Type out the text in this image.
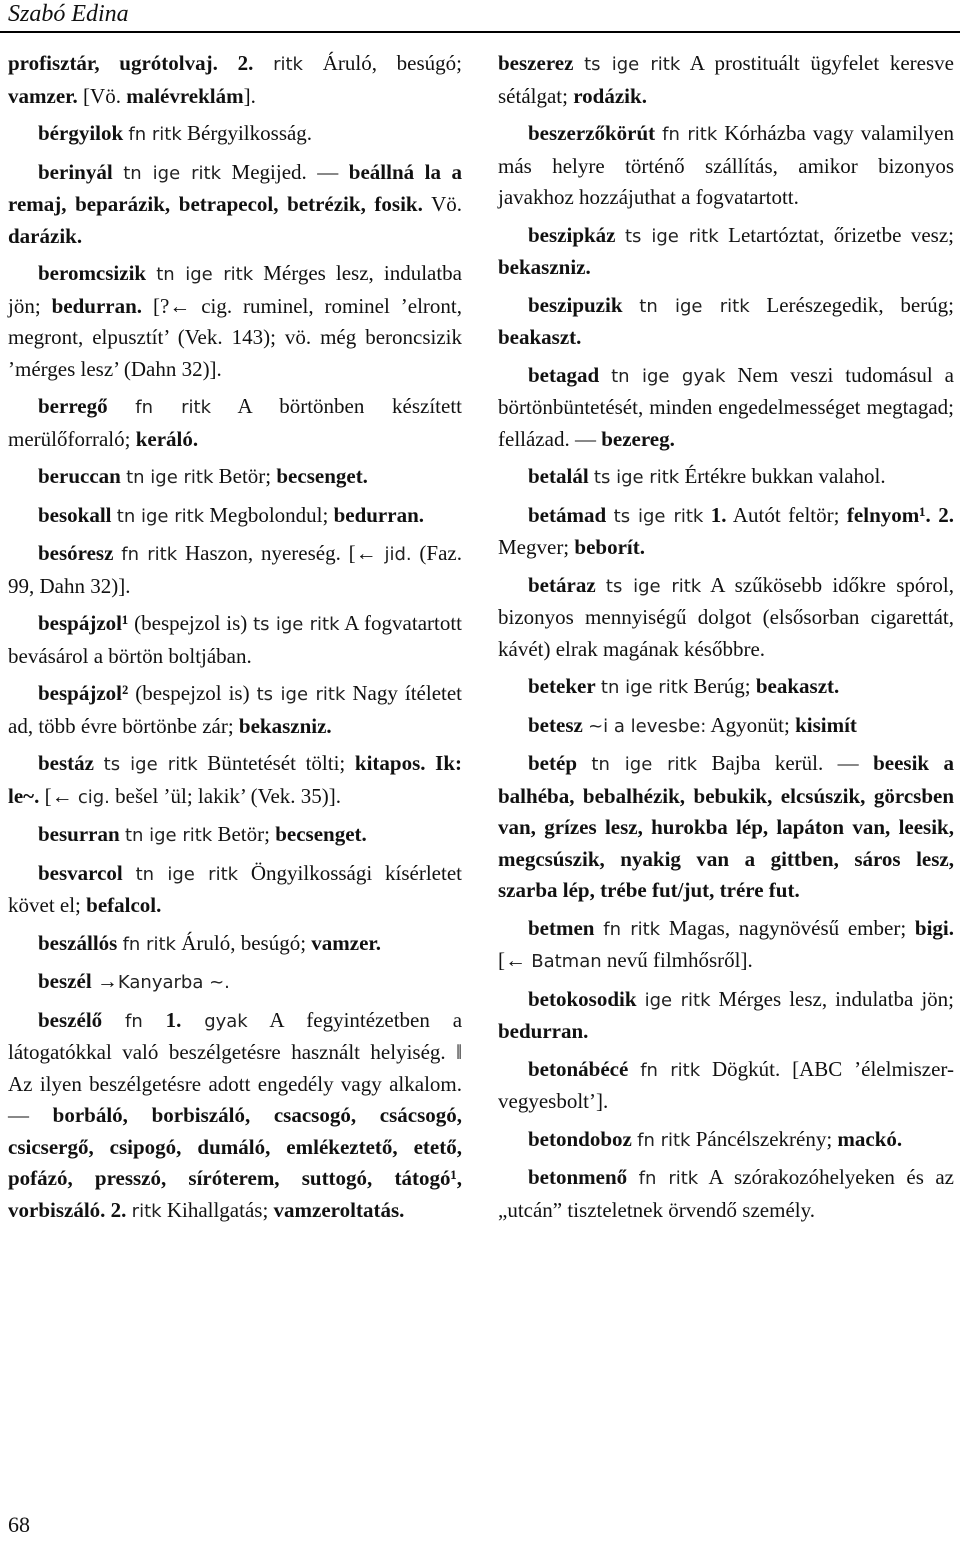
Szabó Edina

profisztár, ugrótolvaj. 2. ritk Áruló, besúgó; vamzer. [Vö. malévreklám].

bérgyilok fn ritk Bérgyilkosság.

berinyál tn ige ritk Megijed. — beállná la a remaj, beparázik, betrapecol, betrézik, fosik. Vö. darázik.

beromcsizik tn ige ritk Mérges lesz, indulatba jön; bedurran. [?← cig. ruminel, rominel ’elront, megront, elpusztít’ (Vek. 143); vö. még beroncsizik ’mérges lesz’ (Dahn 32)].

berregő fn ritk A börtönben készített merülőforraló; keráló.

beruccan tn ige ritk Betör; becsenget.

besokall tn ige ritk Megbolondul; bedurran.

besóresz fn ritk Haszon, nyereség. [← jid. (Faz. 99, Dahn 32)].

bespájzol¹ (bespejzol is) ts ige ritk A fogvatartott bevásárol a börtön boltjában.

bespájzol² (bespejzol is) ts ige ritk Nagy ítéletet ad, több évre börtönbe zár; bekaszniz.

bestáz ts ige ritk Büntetését tölti; kitapos. Ik: le~. [← cig. bešel ’ül; lakik’ (Vek. 35)].

besurran tn ige ritk Betör; becsenget.

besvarcol tn ige ritk Öngyilkossági kísérletet követ el; befalcol.

beszállós fn ritk Áruló, besúgó; vamzer.

beszél →Kanyarba ~.

beszélő fn 1. gyak A fegyintézetben a látogatókkal való beszélgetésre használt helyiség. ǁ Az ilyen beszélgetésre adott engedély vagy alkalom. — borbáló, borbiszáló, csacsogó, csácsogó, csicsergő, csipogó, dumáló, emlékeztető, etető, pofázó, presszó, síróterem, suttogó, tátogó¹, vorbiszáló. 2. ritk Kihallgatás; vamzeroltatás.

beszerez ts ige ritk A prostituált ügyfelet keresve sétálgat; rodázik.

beszerzőkörút fn ritk Kórházba vagy valamilyen más helyre történő szállítás, amikor bizonyos javakhoz hozzájuthat a fogvatartott.

beszipkáz ts ige ritk Letartóztat, őrizetbe vesz; bekaszniz.

beszipuzik tn ige ritk Lerészegedik, berúg; beakaszt.

betagad tn ige gyak Nem veszi tudomásul a börtönbüntetését, minden engedelmességet megtagad; fellázad. — bezereg.

betalál ts ige ritk Értékre bukkan valahol.

betámad ts ige ritk 1. Autót feltör; felnyom¹. 2. Megver; beborít.

betáraz ts ige ritk A szűkösebb időkre spórol, bizonyos mennyiségű dolgot (elsősorban cigarettát, kávét) elrak magának későbbre.

beteker tn ige ritk Berúg; beakaszt.

betesz ~i a levesbe: Agyonüt; kisimít

betép tn ige ritk Bajba kerül. — beesik a balhéba, bebalhézik, bebukik, elcsúszik, görcsben van, grízes lesz, hurokba lép, lapáton van, leesik, megcsúszik, nyakig van a gittben, sáros lesz, szarba lép, trébe fut/jut, trére fut.

betmen fn ritk Magas, nagynövésű ember; bigi. [← Batman nevű filmhősről].

betokosodik ige ritk Mérges lesz, indulatba jön; bedurran.

betonábécé fn ritk Dögkút. [ABC ’élelmiszer-vegyesbolt’].

betondoboz fn ritk Páncélszekrény; mackó.

betonmenő fn ritk A szórakozóhelyeken és az „utcán” tiszteletnek örvendő személy.

68
